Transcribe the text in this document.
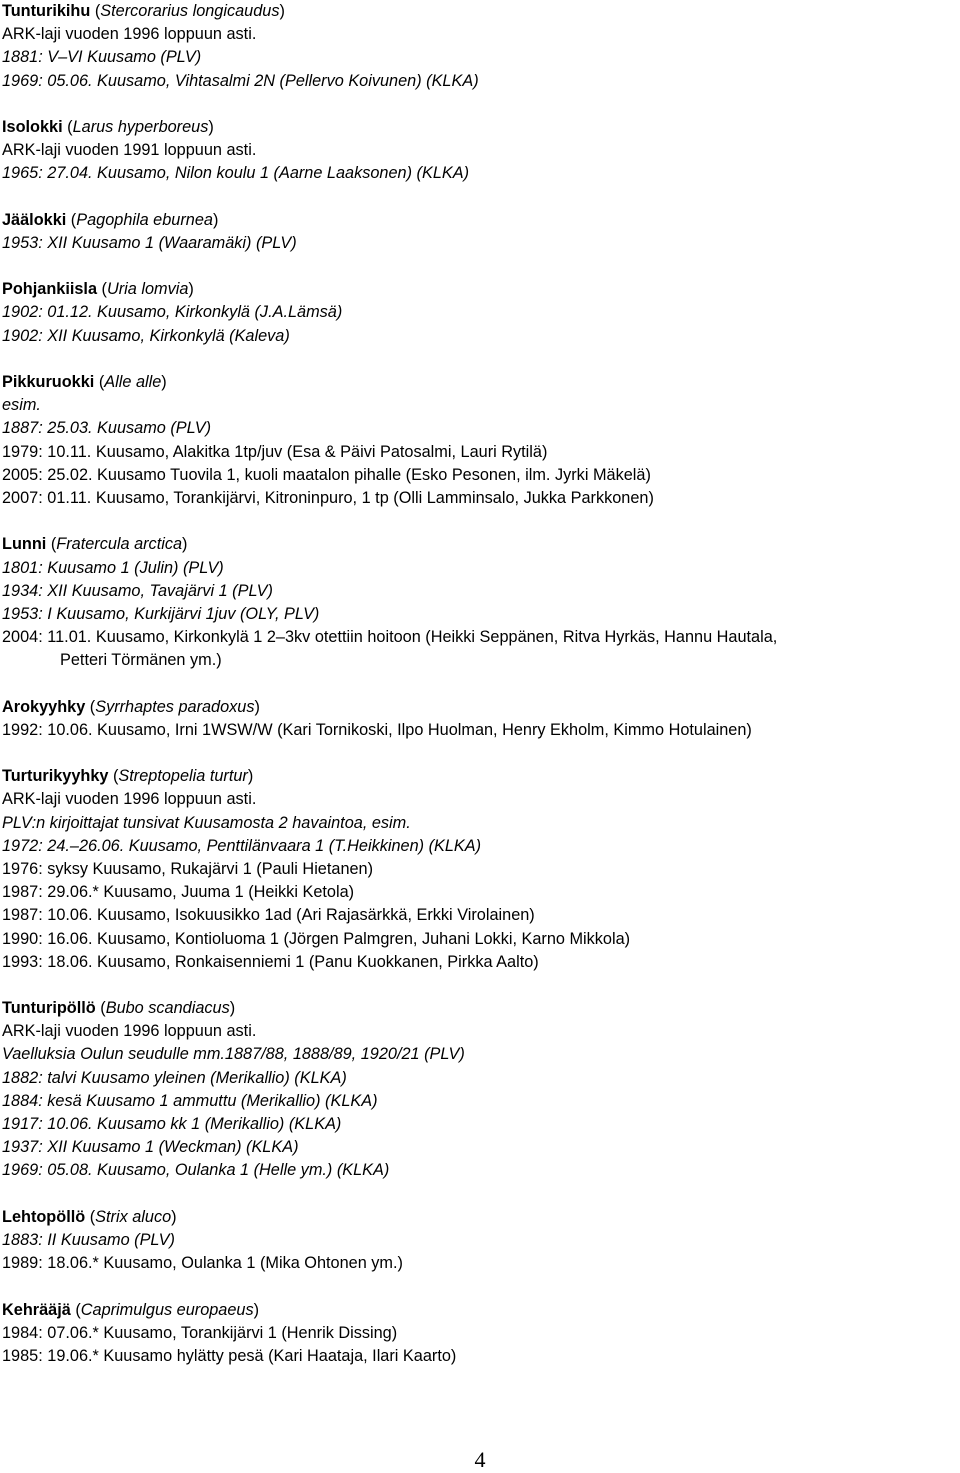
Tunturikihu (Stercorarius longicaudus)
ARK-laji vuoden 1996 loppuun asti.
1881: V–VI Kuusamo (PLV)
1969: 05.06. Kuusamo, Vihtasalmi 2N (Pellervo Koivunen) (KLKA)
Isolokki (Larus hyperboreus)
ARK-laji vuoden 1991 loppuun asti.
1965: 27.04. Kuusamo, Nilon koulu 1 (Aarne Laaksonen) (KLKA)
Jäälokki (Pagophila eburnea)
1953: XII Kuusamo 1 (Waaramäki) (PLV)
Pohjankiisla (Uria lomvia)
1902: 01.12. Kuusamo, Kirkonkylä (J.A.Lämsä)
1902: XII Kuusamo, Kirkonkylä (Kaleva)
Pikkuruokki (Alle alle)
esim.
1887: 25.03. Kuusamo (PLV)
1979: 10.11. Kuusamo, Alakitka 1tp/juv (Esa & Päivi Patosalmi, Lauri Rytilä)
2005: 25.02. Kuusamo Tuovila 1, kuoli maatalon pihalle (Esko Pesonen, ilm. Jyrki Mäkelä)
2007: 01.11. Kuusamo, Torankijärvi, Kitroninpuro, 1 tp (Olli Lamminsalo, Jukka Parkkonen)
Lunni (Fratercula arctica)
1801: Kuusamo 1 (Julin) (PLV)
1934: XII Kuusamo, Tavajärvi 1 (PLV)
1953: I Kuusamo, Kurkijärvi 1juv (OLY, PLV)
2004: 11.01. Kuusamo, Kirkonkylä 1 2–3kv otettiin hoitoon (Heikki Seppänen, Ritva Hyrkäs, Hannu Hautala,
Petteri Törmänen ym.)
Arokyyhky (Syrrhaptes paradoxus)
1992: 10.06. Kuusamo, Irni 1WSW/W (Kari Tornikoski, Ilpo Huolman, Henry Ekholm, Kimmo Hotulainen)
Turturikyyhky (Streptopelia turtur)
ARK-laji vuoden 1996 loppuun asti.
PLV:n kirjoittajat tunsivat Kuusamosta 2 havaintoa, esim.
1972: 24.–26.06. Kuusamo, Penttilänvaara 1 (T.Heikkinen) (KLKA)
1976: syksy Kuusamo, Rukajärvi 1 (Pauli Hietanen)
1987: 29.06.* Kuusamo, Juuma 1 (Heikki Ketola)
1987: 10.06. Kuusamo, Isokuusikko 1ad (Ari Rajasärkkä, Erkki Virolainen)
1990: 16.06. Kuusamo, Kontioluoma 1 (Jörgen Palmgren, Juhani Lokki, Karno Mikkola)
1993: 18.06. Kuusamo, Ronkaisenniemi 1 (Panu Kuokkanen, Pirkka Aalto)
Tunturipöllö (Bubo scandiacus)
ARK-laji vuoden 1996 loppuun asti.
Vaelluksia Oulun seudulle mm.1887/88, 1888/89, 1920/21 (PLV)
1882: talvi Kuusamo yleinen (Merikallio) (KLKA)
1884: kesä Kuusamo 1 ammuttu (Merikallio) (KLKA)
1917: 10.06. Kuusamo kk 1 (Merikallio) (KLKA)
1937: XII Kuusamo 1 (Weckman) (KLKA)
1969: 05.08. Kuusamo, Oulanka 1 (Helle ym.) (KLKA)
Lehtopöllö (Strix aluco)
1883: II Kuusamo (PLV)
1989: 18.06.* Kuusamo, Oulanka 1 (Mika Ohtonen ym.)
Kehrääjä (Caprimulgus europaeus)
1984: 07.06.* Kuusamo, Torankijärvi 1 (Henrik Dissing)
1985: 19.06.* Kuusamo hylätty pesä (Kari Haataja, Ilari Kaarto)
4
